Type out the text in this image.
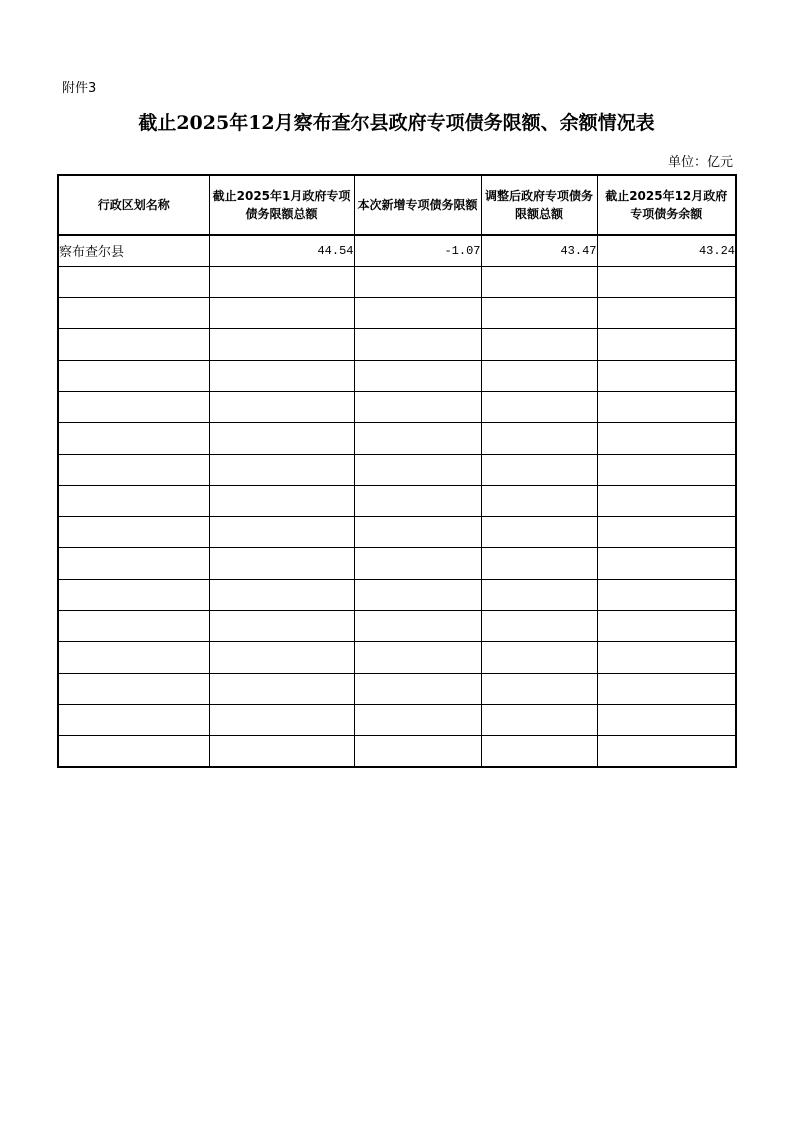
附件3
截止2025年12月察布查尔县政府专项债务限额、余额情况表
单位：亿元
行政区划名称	截止2025年1月政府专项债务限额总额	本次新增专项债务限额	调整后政府专项债务限额总额	截止2025年12月政府专项债务余额
察布查尔县	44.54	-1.07	43.47	43.24
